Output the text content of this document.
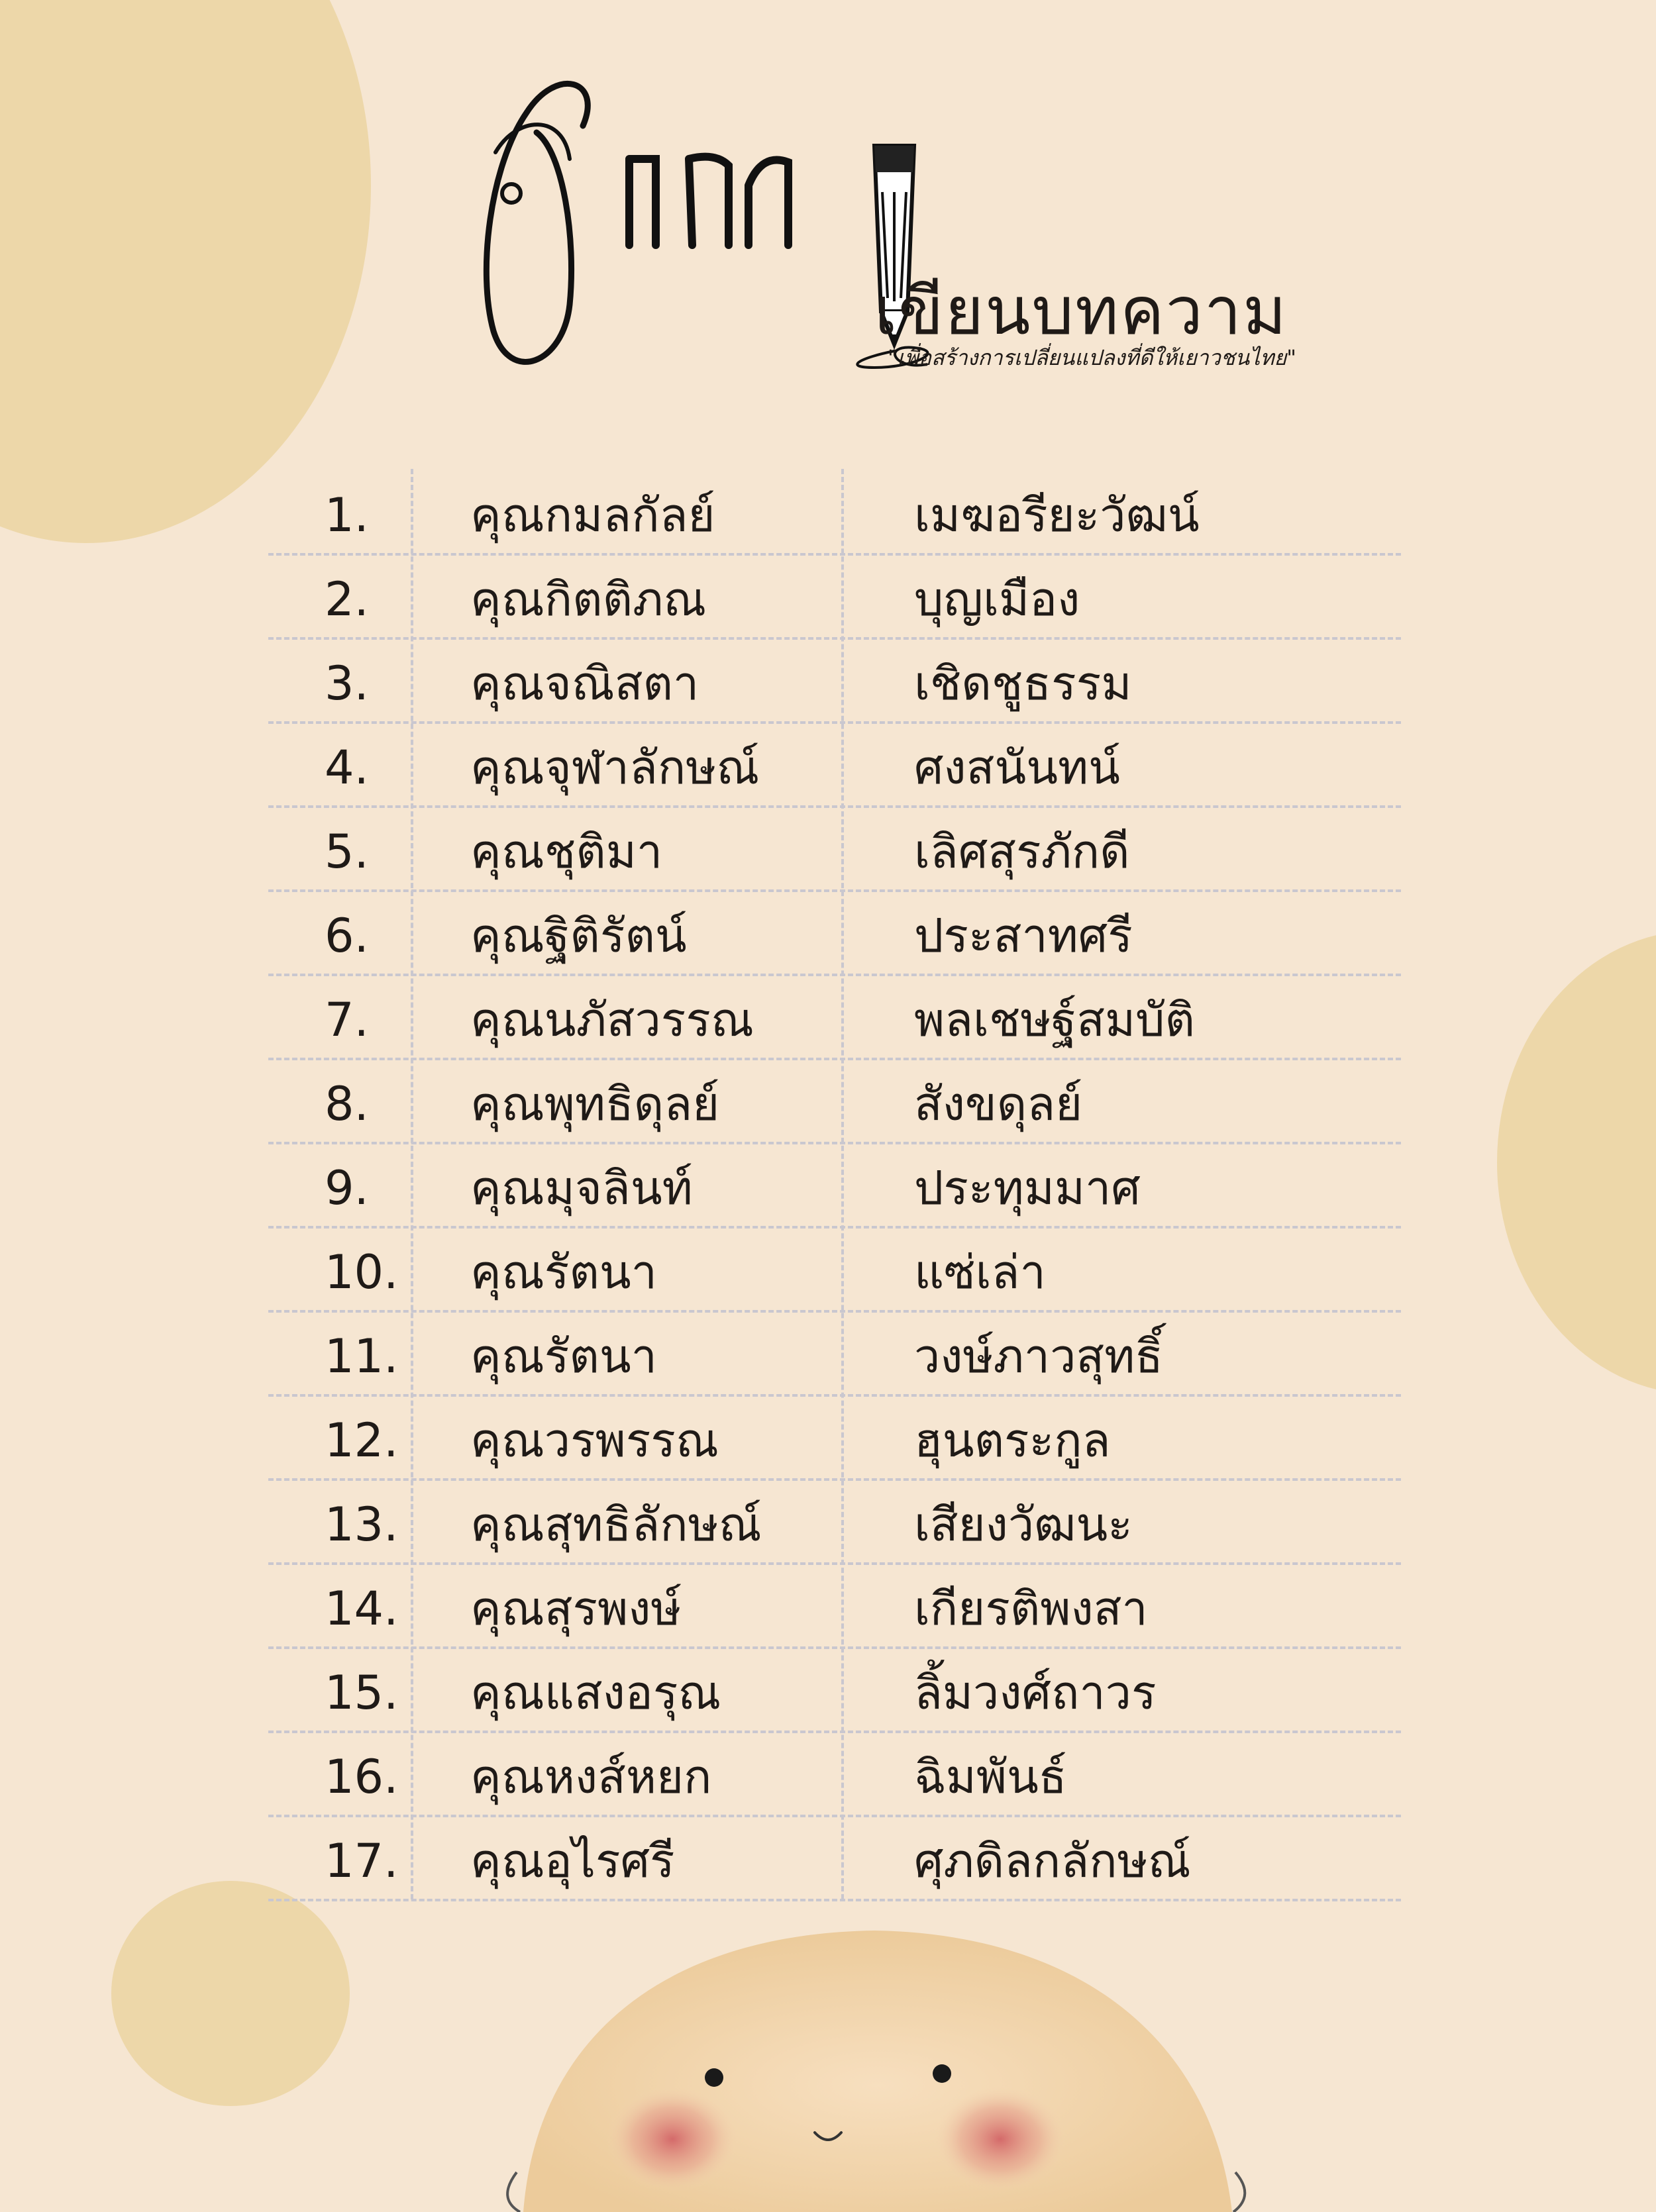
เขียนบทความ
"เพื่อสร้างการเปลี่ยนแปลงที่ดีให้เยาวชนไทย"
1. คุณกมลกัลย์	เมฆอรียะวัฒน์
2. คุณกิตติภณ	บุญเมือง
3. คุณจณิสตา	เชิดชูธรรม
4. คุณจุฬาลักษณ์	ศงสนันทน์
5. คุณชุติมา	เลิศสุรภักดี
6. คุณฐิติรัตน์	ประสาทศรี
7. คุณนภัสวรรณ	พลเชษฐ์สมบัติ
8. คุณพุทธิดุลย์	สังขดุลย์
9. คุณมุจลินท์	ประทุมมาศ
10. คุณรัตนา	แซ่เล่า
11. คุณรัตนา	วงษ์ภาวสุทธิ์
12. คุณวรพรรณ	ฮุนตระกูล
13. คุณสุทธิลักษณ์	เสียงวัฒนะ
14. คุณสุรพงษ์	เกียรติพงสา
15. คุณแสงอรุณ	ลิ้มวงศ์ถาวร
16. คุณหงส์หยก	ฉิมพันธ์
17. คุณอุไรศรี	ศุภดิลกลักษณ์
